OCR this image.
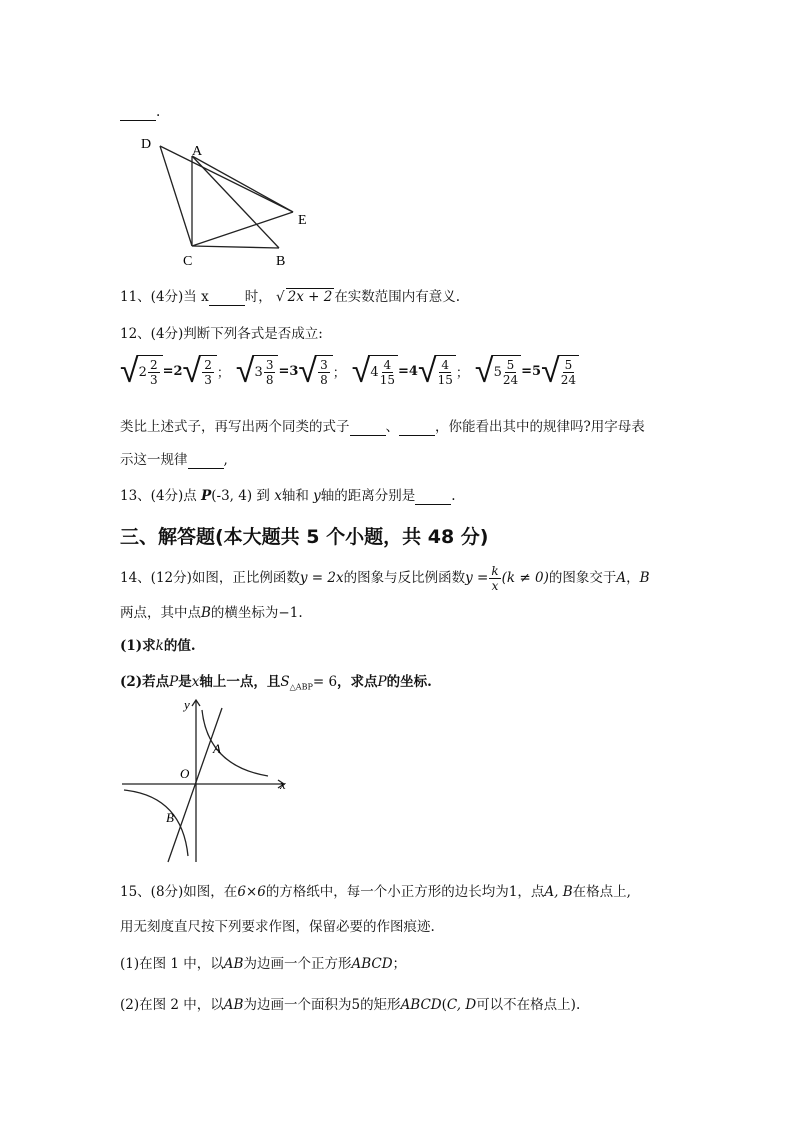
.
D	A
E
C	B
11、(4分)当 x	时， √ 2x + 2 在实数范围内有意义.
12、(4分)判断下列各式是否成立:
√ $2 \frac{2}{3} =2$ √ $\frac{2}{3}$ ； √ $3 \frac{3}{8} =3$ √ $\frac{3}{8}$ ； √ $4 \frac{4}{15} =4$ √ $\frac{4}{15}$ ； √ $5 \frac{5}{24} =5$ √ $\frac{5}{24}$
类比上述式子，再写出两个同类的式子	、	，你能看出其中的规律吗?用字母表
示这一规律	,
13、(4分)点 P(-3, 4) 到 x轴和 y轴的距离分别是	.
三、解答题(本大题共 5 个小题，共 48 分)
14、(12分)如图，正比例函数y = 2x的图象与反比例函数$y = \frac{k}{x} (k \ne 0)$的图象交于A，B
两点，其中点B的横坐标为−1.
(1)求k的值.
(2)若点P是x轴上一点，且$S_{\triangle ABP}= 6$，求点P的坐标.
y
x
O
A
B
15、(8分)如图，在6×6的方格纸中，每一个小正方形的边长均为1，点A, B在格点上,
用无刻度直尺按下列要求作图，保留必要的作图痕迹.
(1)在图 1 中，以AB为边画一个正方形ABCD；
(2)在图 2 中，以AB为边画一个面积为5的矩形ABCD(C, D可以不在格点上).
